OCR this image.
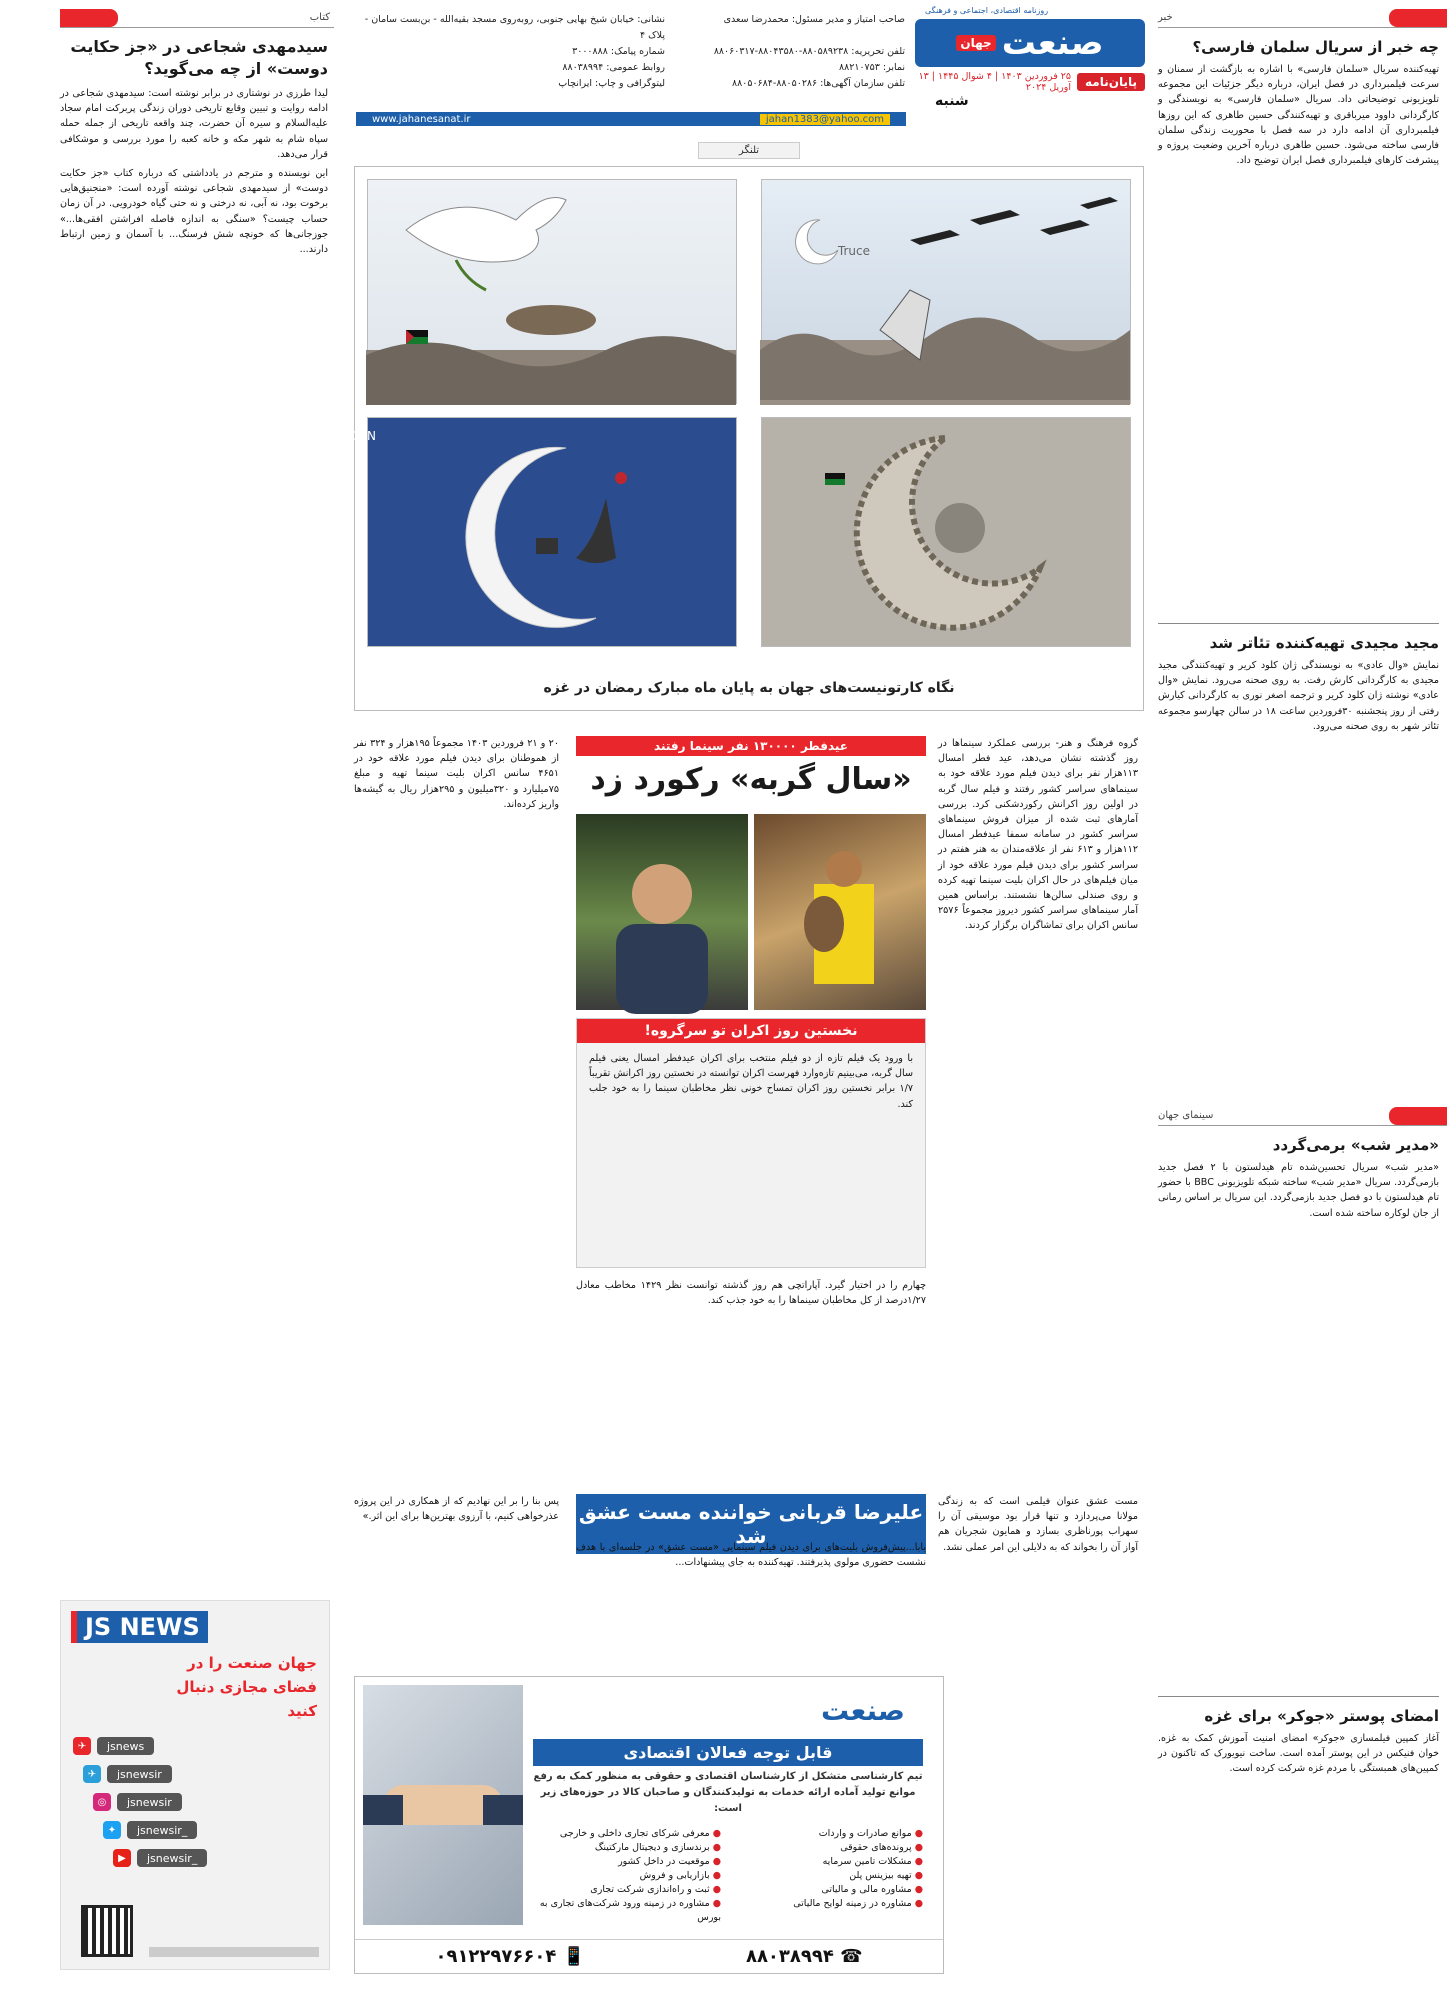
کتاب
سیدمهدی شجاعی در «جز حکایت دوست» از چه می‌گوید؟

لیدا طرزی در نوشتاری در برابر نوشته است: سیدمهدی شجاعی در ادامه روایت و تبیین وقایع تاریخی دوران زندگی پربرکت امام سجاد علیه‌السلام و سیره آن حضرت، چند واقعه تاریخی از جمله حمله سپاه شام به شهر مکه و خانه کعبه را مورد بررسی و موشکافی قرار می‌دهد.

این نویسنده و مترجم در یادداشتی که درباره کتاب «جز حکایت دوست» از سیدمهدی شجاعی نوشته آورده است: «منجنیق‌هایی برخوت بود، نه آبی، نه درختی و نه حتی گیاه خودرویی. در آن زمان حساب چیست؟ «سنگی به اندازه فاصله افراشتن افقی‌ها...» جوزجانی‌ها که خونچه شش فرسنگ... با آسمان و زمین ارتباط دارند...

JS NEWS
جهان صنعت را در فضای مجازی دنبال کنید
✈	jsnews
✈	jsnewsir
◎	jsnewsir
✦	jsnewsir_
▶	jsnewsir_
صاحب امتیاز و مدیر مسئول: محمدرضا سعدی
نشانی: خیابان شیخ بهایی جنوبی، روبه‌روی مسجد بقیه‌الله - بن‌بست سامان - پلاک ۴
تلفن تحریریه: ۸۸۰۵۸۹۲۳۸-۸۸۰۴۳۵۸۰-۸۸۰۶۰۳۱۷
شماره پیامک: ۳۰۰۰۸۸۸
نمابر: ۸۸۲۱۰۷۵۳
روابط عمومی: ۸۸۰۳۸۹۹۴
تلفن سازمان آگهی‌ها: ۸۸۰۵۰۲۸۶-۸۸۰۵۰۶۸۴
لیتوگرافی و چاپ: ایرانچاپ
روزنامه اقتصادی، اجتماعی و فرهنگی
صنعت
جهان
پایان‌نامه
۲۵ فروردین ۱۴۰۳ | ۴ شوال ۱۴۴۵ | ۱۳ آوریل ۲۰۲۴
شنبه
www.jahanesanat.ir	jahan1383@yahoo.com
تلنگر
Truce
EID MOON
نگاه کارتونیست‌های جهان به پایان ماه مبارک رمضان در غزه
عیدفطر ۱۳۰۰۰۰ نفر سینما رفتند
«سال گربه» رکورد زد
نخستین روز اکران تو سرگروه!
با ورود یک فیلم تازه از دو فیلم منتخب برای اکران عیدفطر امسال یعنی فیلم سال گربه، می‌بینیم تازه‌وارد فهرست اکران توانسته در نخستین روز اکرانش تقریباً ۱/۷ برابر نخستین روز اکران تمساح خونی نظر مخاطبان سینما را به خود جلب کند.
گروه فرهنگ و هنر- بررسی عملکرد سینماها در روز گذشته نشان می‌دهد، عید فطر امسال ۱۱۳هزار نفر برای دیدن فیلم مورد علاقه خود به سینماهای سراسر کشور رفتند و فیلم سال گربه در اولین روز اکرانش رکوردشکنی کرد. بررسی آمارهای ثبت شده از میزان فروش سینماهای سراسر کشور در سامانه سمفا عیدفطر امسال ۱۱۲هزار و ۶۱۳ نفر از علاقه‌مندان به هنر هفتم در سراسر کشور برای دیدن فیلم مورد علاقه خود از میان فیلم‌های در حال اکران بلیت سینما تهیه کرده و روی صندلی سالن‌ها نشستند. براساس همین آمار سینماهای سراسر کشور دیروز مجموعاً ۲۵۷۶ سانس اکران برای تماشاگران برگزار کردند.
چهارم را در اختیار گیرد. آپاراتچی هم روز گذشته توانست نظر ۱۴۲۹ مخاطب معادل ۱/۲۷درصد از کل مخاطبان سینماها را به خود جذب کند.
۲۰ و ۲۱ فروردین ۱۴۰۳ مجموعاً ۱۹۵هزار و ۳۲۴ نفر از هموطنان برای دیدن فیلم مورد علاقه خود در ۴۶۵۱ سانس اکران بلیت سینما تهیه و مبلغ ۷۵میلیارد و ۳۲۰میلیون و ۲۹۵هزار ریال به گیشه‌ها واریز کرده‌اند.
علیرضا قربانی خواننده مست عشق شد
مست عشق عنوان فیلمی است که به زندگی مولانا می‌پردازد و تنها قرار بود موسیقی آن را سهراب پورناظری بسازد و همایون شجریان هم آواز آن را بخواند که به دلایلی این امر عملی نشد.
بابا...پیش‌فروش بلیت‌های برای دیدن فیلم سینمایی «مست عشق» در جلسه‌ای با هدف نشست حضوری مولوی پذیرفتند. تهیه‌کننده به جای پیشنهادات...
پس بنا را بر این نهادیم که از همکاری در این پروژه عذرخواهی کنیم، با آرزوی بهترین‌ها برای این اثر.»
صنعت
قابل توجه فعالان اقتصادی
تیم کارشناسی متشکل از کارشناسان اقتصادی و حقوقی به منظور کمک به رفع موانع تولید آماده ارائه خدمات به تولیدکنندگان و صاحبان کالا در حوزه‌های زیر است:
● موانع صادرات و واردات
● معرفی شرکای تجاری داخلی و خارجی
● پرونده‌های حقوقی
● برندسازی و دیجیتال مارکتینگ
● مشکلات تامین سرمایه
● موقعیت در داخل کشور
● تهیه بیزینس پلن
● بازاریابی و فروش
● مشاوره مالی و مالیاتی
● ثبت و راه‌اندازی شرکت تجاری
● مشاوره در زمینه لوایح مالیاتی
● مشاوره در زمینه ورود شرکت‌های تجاری به بورس
☎ ۸۸۰۳۸۹۹۴
📱 ۰۹۱۲۲۹۷۶۶۰۴
خبر
چه خبر از سریال سلمان فارسی؟
تهیه‌کننده سریال «سلمان فارسی» با اشاره به بازگشت از سمنان و سرعت فیلمبرداری در فصل ایران، درباره دیگر جزئیات این مجموعه تلویزیونی توضیحاتی داد. سریال «سلمان فارسی» به نویسندگی و کارگردانی داوود میرباقری و تهیه‌کنندگی حسین طاهری که این روزها فیلمبرداری آن ادامه دارد در سه فصل با محوریت زندگی سلمان فارسی ساخته می‌شود. حسین طاهری درباره آخرین وضعیت پروژه و پیشرفت کارهای فیلمبرداری فصل ایران توضیح داد.
مجید مجیدی تهیه‌کننده تئاتر شد
نمایش «وال عادی» به نویسندگی ژان کلود کریر و تهیه‌کنندگی مجید مجیدی به کارگردانی کارش رفت. به روی صحنه می‌رود. نمایش «وال عادی» نوشته ژان کلود کریر و ترجمه اصغر نوری به کارگردانی کیارش رفتی از روز پنجشنبه ۳۰فروردین ساعت ۱۸ در سالن چهارسو مجموعه تئاتر شهر به روی صحنه می‌رود.
سینمای جهان
«مدیر شب» برمی‌گردد
«مدیر شب» سریال تحسین‌شده تام هیدلستون با ۲ فصل جدید بازمی‌گردد. سریال «مدیر شب» ساخته شبکه تلویزیونی BBC با حضور تام هیدلستون با دو فصل جدید بازمی‌گردد. این سریال بر اساس رمانی از جان لوکاره ساخته شده است.
امضای پوستر «جوکر» برای غزه
آغاز کمپین فیلمسازی «جوکر» امضای امنیت آموزش کمک به غزه. خوان فنیکس در این پوستر آمده است. ساخت نیویورک که تاکنون در کمپین‌های همبستگی با مردم غزه شرکت کرده است.
